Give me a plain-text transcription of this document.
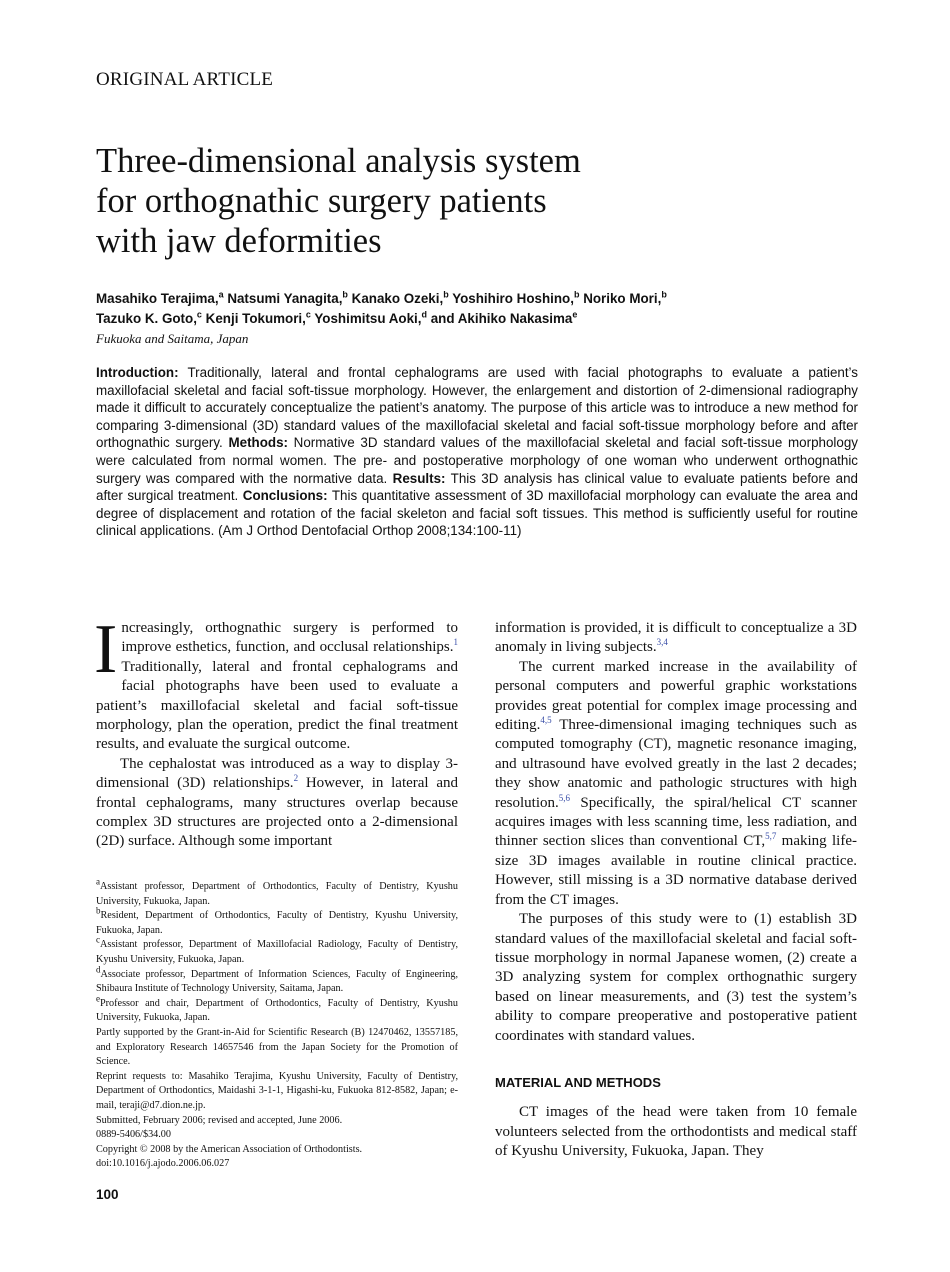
ORIGINAL ARTICLE
Three-dimensional analysis system
for orthognathic surgery patients
with jaw deformities
Masahiko Terajima,$^a$ Natsumi Yanagita,$^b$ Kanako Ozeki,$^b$ Yoshihiro Hoshino,$^b$ Noriko Mori,$^b$
Tazuko K. Goto,$^c$ Kenji Tokumori,$^c$ Yoshimitsu Aoki,$^d$ and Akihiko Nakasima$^e$
Fukuoka and Saitama, Japan
Introduction: Traditionally, lateral and frontal cephalograms are used with facial photographs to evaluate a patient’s maxillofacial skeletal and facial soft-tissue morphology. However, the enlargement and distortion of 2-dimensional radiography made it difficult to accurately conceptualize the patient’s anatomy. The purpose of this article was to introduce a new method for comparing 3-dimensional (3D) standard values of the maxillofacial skeletal and facial soft-tissue morphology before and after orthognathic surgery. Methods: Normative 3D standard values of the maxillofacial skeletal and facial soft-tissue morphology were calculated from normal women. The pre- and postoperative morphology of one woman who underwent orthognathic surgery was compared with the normative data. Results: This 3D analysis has clinical value to evaluate patients before and after surgical treatment. Conclusions: This quantitative assessment of 3D maxillofacial morphology can evaluate the area and degree of displacement and rotation of the facial skeleton and facial soft tissues. This method is sufficiently useful for routine clinical applications. (Am J Orthod Dentofacial Orthop 2008;134:100-11)

Increasingly, orthognathic surgery is performed to improve esthetics, function, and occlusal relationships.$^1$ Traditionally, lateral and frontal cephalograms and facial photographs have been used to evaluate a patient’s maxillofacial skeletal and facial soft-tissue morphology, plan the operation, predict the final treatment results, and evaluate the surgical outcome.

The cephalostat was introduced as a way to display 3-dimensional (3D) relationships.$^2$ However, in lateral and frontal cephalograms, many structures overlap because complex 3D structures are projected onto a 2-dimensional (2D) surface. Although some important

$^a$Assistant professor, Department of Orthodontics, Faculty of Dentistry, Kyushu University, Fukuoka, Japan.

$^b$Resident, Department of Orthodontics, Faculty of Dentistry, Kyushu University, Fukuoka, Japan.

$^c$Assistant professor, Department of Maxillofacial Radiology, Faculty of Dentistry, Kyushu University, Fukuoka, Japan.

$^d$Associate professor, Department of Information Sciences, Faculty of Engineering, Shibaura Institute of Technology University, Saitama, Japan.

$^e$Professor and chair, Department of Orthodontics, Faculty of Dentistry, Kyushu University, Fukuoka, Japan.

Partly supported by the Grant-in-Aid for Scientific Research (B) 12470462, 13557185, and Exploratory Research 14657546 from the Japan Society for the Promotion of Science.

Reprint requests to: Masahiko Terajima, Kyushu University, Faculty of Dentistry, Department of Orthodontics, Maidashi 3-1-1, Higashi-ku, Fukuoka 812-8582, Japan; e-mail, teraji@d7.dion.ne.jp.

Submitted, February 2006; revised and accepted, June 2006.

0889-5406/$34.00

Copyright © 2008 by the American Association of Orthodontists.

doi:10.1016/j.ajodo.2006.06.027

information is provided, it is difficult to conceptualize a 3D anomaly in living subjects.$^{3,4}$

The current marked increase in the availability of personal computers and powerful graphic workstations provides great potential for complex image processing and editing.$^{4,5}$ Three-dimensional imaging techniques such as computed tomography (CT), magnetic resonance imaging, and ultrasound have evolved greatly in the last 2 decades; they show anatomic and pathologic structures with high resolution.$^{5,6}$ Specifically, the spiral/helical CT scanner acquires images with less scanning time, less radiation, and thinner section slices than conventional CT,$^{5,7}$ making life-size 3D images available in routine clinical practice. However, still missing is a 3D normative database derived from the CT images.

The purposes of this study were to (1) establish 3D standard values of the maxillofacial skeletal and facial soft-tissue morphology in normal Japanese women, (2) create a 3D analyzing system for complex orthognathic surgery based on linear measurements, and (3) test the system’s ability to compare preoperative and postoperative patient coordinates with standard values.

MATERIAL AND METHODS

CT images of the head were taken from 10 female volunteers selected from the orthodontists and medical staff of Kyushu University, Fukuoka, Japan. They

100
